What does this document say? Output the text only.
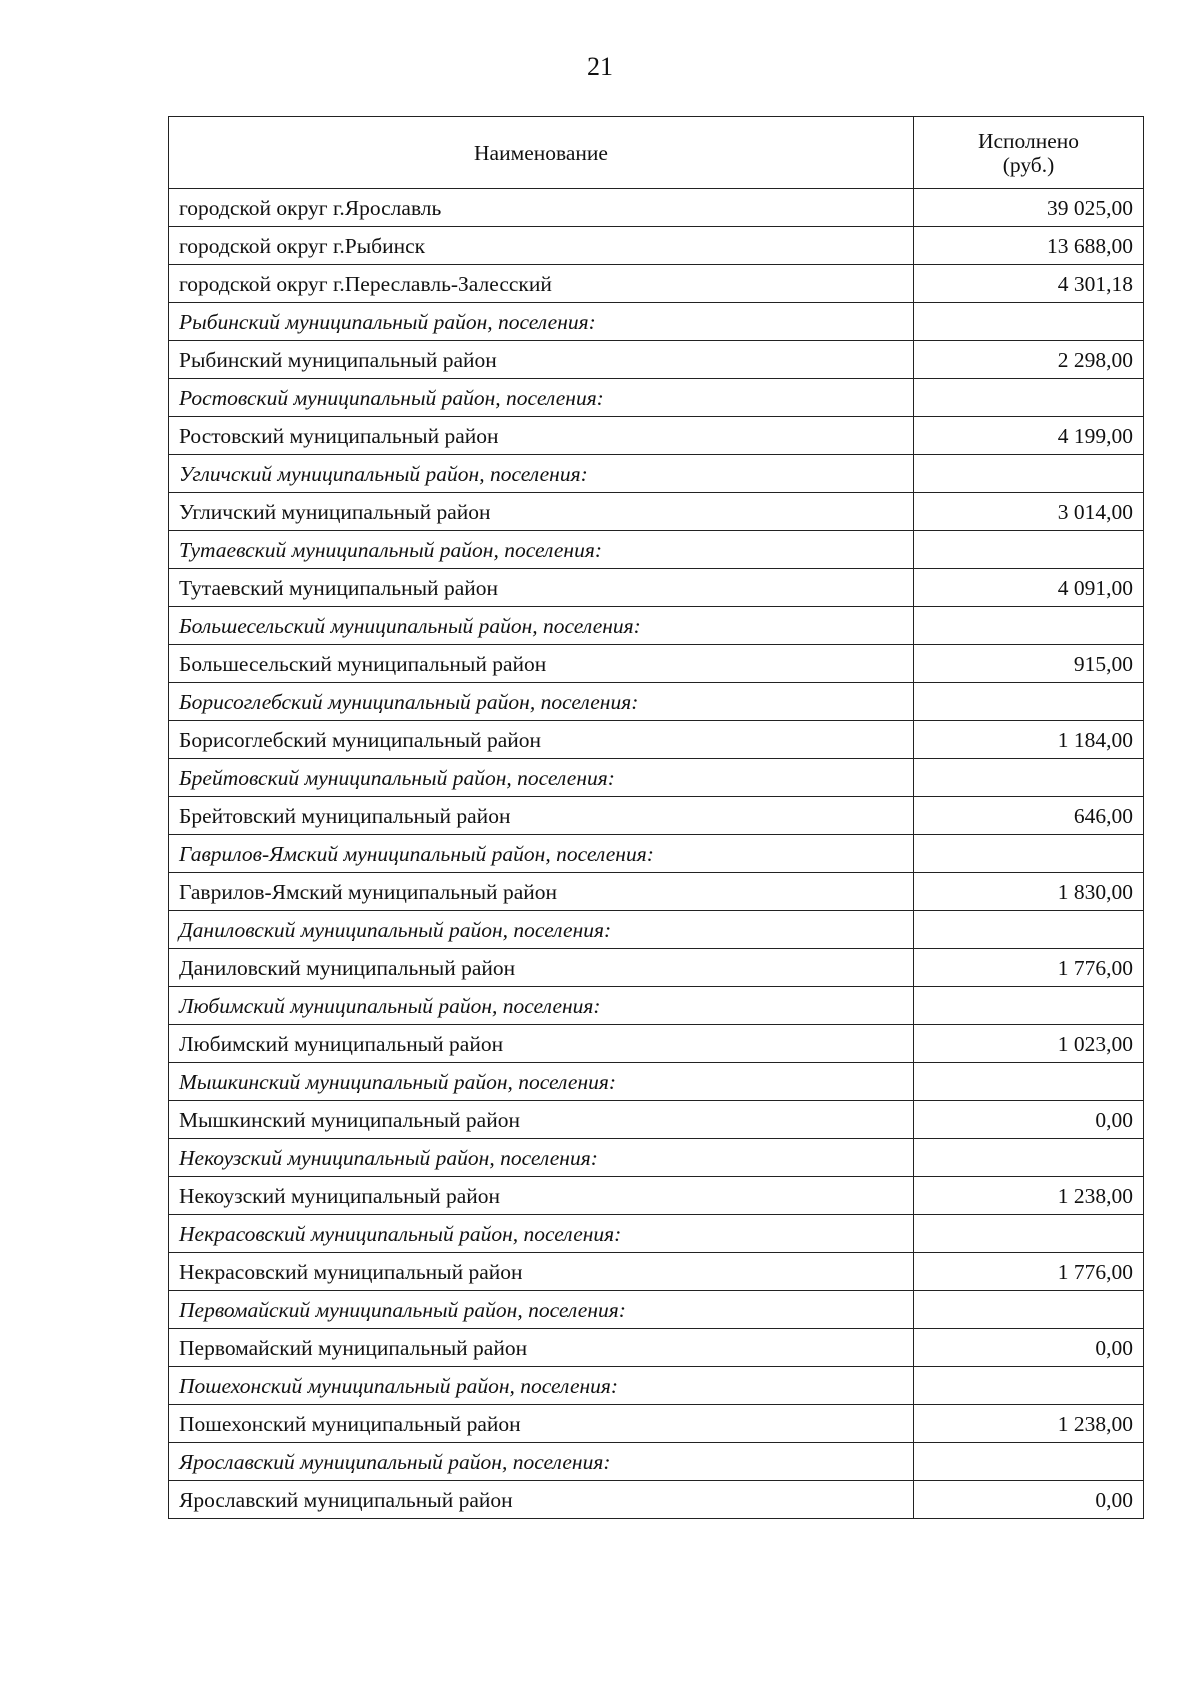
21
Наименование	Исполнено
(руб.)
городской округ г.Ярославль	39 025,00
городской округ г.Рыбинск	13 688,00
городской округ г.Переславль-Залесский	4 301,18
Рыбинский муниципальный район, поселения:	
Рыбинский муниципальный район	2 298,00
Ростовский муниципальный район, поселения:	
Ростовский муниципальный район	4 199,00
Угличский муниципальный район, поселения:	
Угличский муниципальный район	3 014,00
Тутаевский муниципальный район, поселения:	
Тутаевский муниципальный район	4 091,00
Большесельский муниципальный район, поселения:	
Большесельский муниципальный район	915,00
Борисоглебский муниципальный район, поселения:	
Борисоглебский муниципальный район	1 184,00
Брейтовский муниципальный район, поселения:	
Брейтовский муниципальный район	646,00
Гаврилов-Ямский муниципальный район, поселения:	
Гаврилов-Ямский муниципальный район	1 830,00
Даниловский муниципальный район, поселения:	
Даниловский муниципальный район	1 776,00
Любимский муниципальный район, поселения:	
Любимский муниципальный район	1 023,00
Мышкинский муниципальный район, поселения:	
Мышкинский муниципальный район	0,00
Некоузский муниципальный район, поселения:	
Некоузский муниципальный район	1 238,00
Некрасовский муниципальный район, поселения:	
Некрасовский муниципальный район	1 776,00
Первомайский муниципальный район, поселения:	
Первомайский муниципальный район	0,00
Пошехонский муниципальный район, поселения:	
Пошехонский муниципальный район	1 238,00
Ярославский муниципальный район, поселения:	
Ярославский муниципальный район	0,00
